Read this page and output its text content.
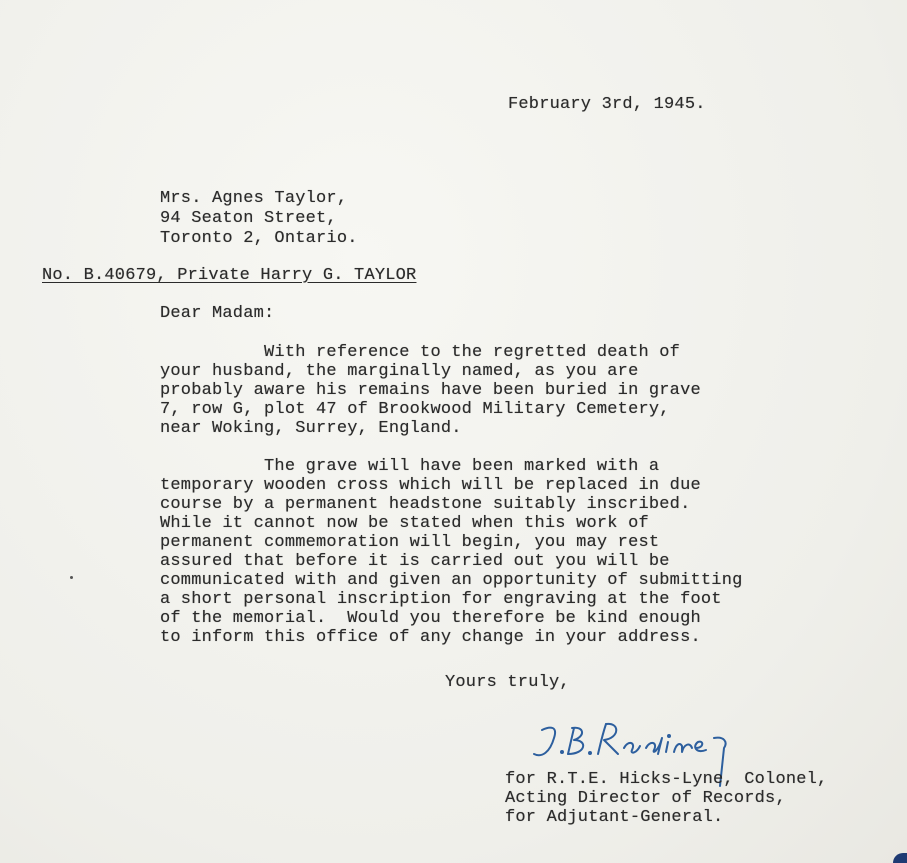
February 3rd, 1945.
Mrs. Agnes Taylor,
94 Seaton Street,
Toronto 2, Ontario.
No. B.40679, Private Harry G. TAYLOR
Dear Madam:
With reference to the regretted death of
your husband, the marginally named, as you are
probably aware his remains have been buried in grave
7, row G, plot 47 of Brookwood Military Cemetery,
near Woking, Surrey, England.
The grave will have been marked with a
temporary wooden cross which will be replaced in due
course by a permanent headstone suitably inscribed.
While it cannot now be stated when this work of
permanent commemoration will begin, you may rest
assured that before it is carried out you will be
communicated with and given an opportunity of submitting
a short personal inscription for engraving at the foot
of the memorial.  Would you therefore be kind enough
to inform this office of any change in your address.
Yours truly,
for R.T.E. Hicks-Lyne, Colonel,
Acting Director of Records,
for Adjutant-General.
